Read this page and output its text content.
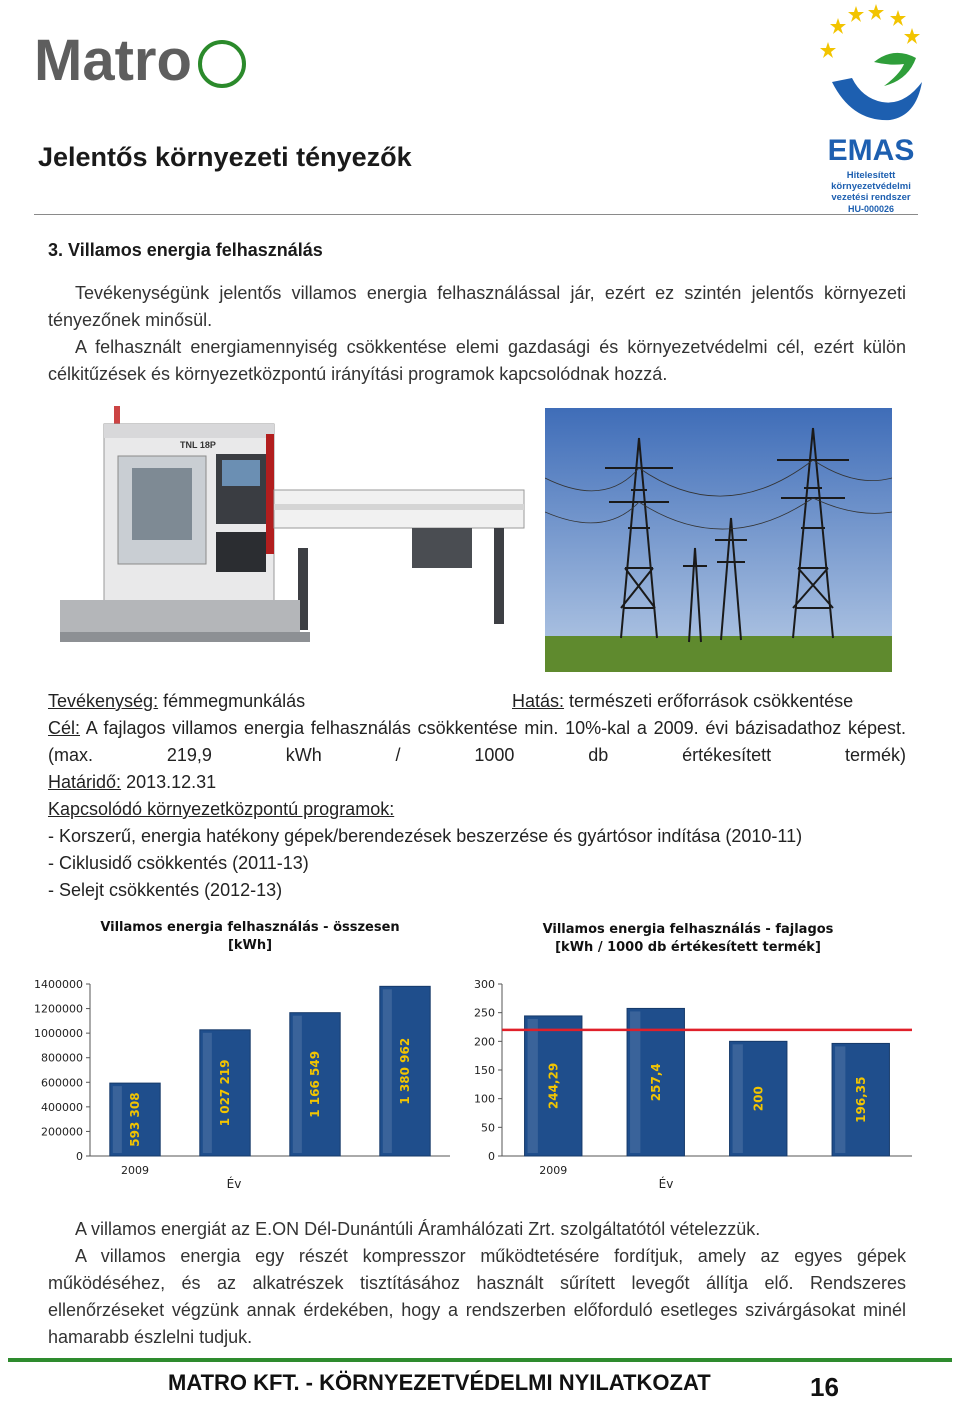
Matro
EMAS
Hitelesített
környezetvédelmi
vezetési rendszer
HU-000026
Jelentős környezeti tényezők
3. Villamos energia felhasználás
Tevékenységünk jelentős villamos energia felhasználással jár, ezért ez szintén jelentős környezeti tényezőnek minősül.
A felhasznált energiamennyiség csökkentése elemi gazdasági és környezetvédelmi cél, ezért külön célkitűzések és környezetközpontú irányítási programok kapcsolódnak hozzá.
TNL 18P
Tevékenység: fémmegmunkálás	Hatás: természeti erőforrások csökkentése
Cél: A fajlagos villamos energia felhasználás csökkentése min. 10%-kal a 2009. évi bázisadathoz képest. (max. 219,9 kWh / 1000 db értékesített termék)
Határidő: 2013.12.31
Kapcsolódó környezetközpontú programok:
- Korszerű, energia hatékony gépek/berendezések beszerzése és gyártósor indítása (2010-11)
- Ciklusidő csökkentés (2011-13)
- Selejt csökkentés (2012-13)
Villamos energia felhasználás - összesen
[kWh]
0
200000
400000
600000
800000
1000000
1200000
1400000
593 308
2009
1 027 219	1 166 549	1 380 962
Év
Villamos energia felhasználás - fajlagos
[kWh / 1000 db értékesített termék]
0
50
100
150
200
250
300
244,29
2009
257,4	200	196,35
Év
A villamos energiát az E.ON Dél-Dunántúli Áramhálózati Zrt. szolgáltatótól vételezzük.
A villamos energia egy részét kompresszor működtetésére fordítjuk, amely az egyes gépek működéséhez, és az alkatrészek tisztításához használt sűrített levegőt állítja elő. Rendszeres ellenőrzéseket végzünk annak érdekében, hogy a rendszerben előforduló esetleges szivárgásokat minél hamarabb észlelni tudjuk.
MATRO KFT. - KÖRNYEZETVÉDELMI NYILATKOZAT	16
